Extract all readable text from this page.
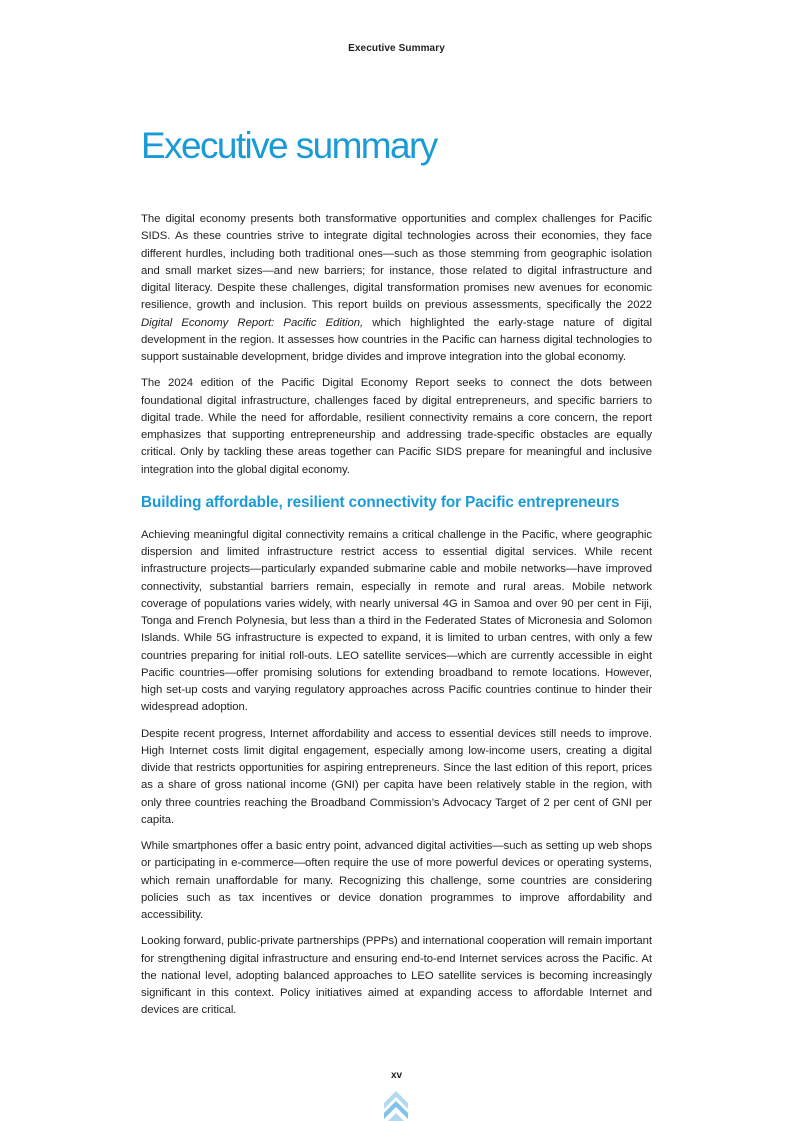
Executive Summary
Executive summary

The digital economy presents both transformative opportunities and complex challenges for Pacific SIDS. As these countries strive to integrate digital technologies across their economies, they face different hurdles, including both traditional ones—such as those stemming from geographic isolation and small market sizes—and new barriers; for instance, those related to digital infrastructure and digital literacy. Despite these challenges, digital transformation promises new avenues for economic resilience, growth and inclusion. This report builds on previous assessments, specifically the 2022 Digital Economy Report: Pacific Edition, which highlighted the early-stage nature of digital development in the region. It assesses how countries in the Pacific can harness digital technologies to support sustainable development, bridge divides and improve integration into the global economy.

The 2024 edition of the Pacific Digital Economy Report seeks to connect the dots between foundational digital infrastructure, challenges faced by digital entrepreneurs, and specific barriers to digital trade. While the need for affordable, resilient connectivity remains a core concern, the report emphasizes that supporting entrepreneurship and addressing trade-specific obstacles are equally critical. Only by tackling these areas together can Pacific SIDS prepare for meaningful and inclusive integration into the global digital economy.

Building affordable, resilient connectivity for Pacific entrepreneurs

Achieving meaningful digital connectivity remains a critical challenge in the Pacific, where geographic dispersion and limited infrastructure restrict access to essential digital services. While recent infrastructure projects—particularly expanded submarine cable and mobile networks—have improved connectivity, substantial barriers remain, especially in remote and rural areas. Mobile network coverage of populations varies widely, with nearly universal 4G in Samoa and over 90 per cent in Fiji, Tonga and French Polynesia, but less than a third in the Federated States of Micronesia and Solomon Islands. While 5G infrastructure is expected to expand, it is limited to urban centres, with only a few countries preparing for initial roll-outs. LEO satellite services—which are currently accessible in eight Pacific countries—offer promising solutions for extending broadband to remote locations. However, high set-up costs and varying regulatory approaches across Pacific countries continue to hinder their widespread adoption.

Despite recent progress, Internet affordability and access to essential devices still needs to improve. High Internet costs limit digital engagement, especially among low-income users, creating a digital divide that restricts opportunities for aspiring entrepreneurs. Since the last edition of this report, prices as a share of gross national income (GNI) per capita have been relatively stable in the region, with only three countries reaching the Broadband Commission’s Advocacy Target of 2 per cent of GNI per capita.

While smartphones offer a basic entry point, advanced digital activities—such as setting up web shops or participating in e-commerce—often require the use of more powerful devices or operating systems, which remain unaffordable for many. Recognizing this challenge, some countries are considering policies such as tax incentives or device donation programmes to improve affordability and accessibility.

Looking forward, public-private partnerships (PPPs) and international cooperation will remain important for strengthening digital infrastructure and ensuring end-to-end Internet services across the Pacific. At the national level, adopting balanced approaches to LEO satellite services is becoming increasingly significant in this context. Policy initiatives aimed at expanding access to affordable Internet and devices are critical.

xv
